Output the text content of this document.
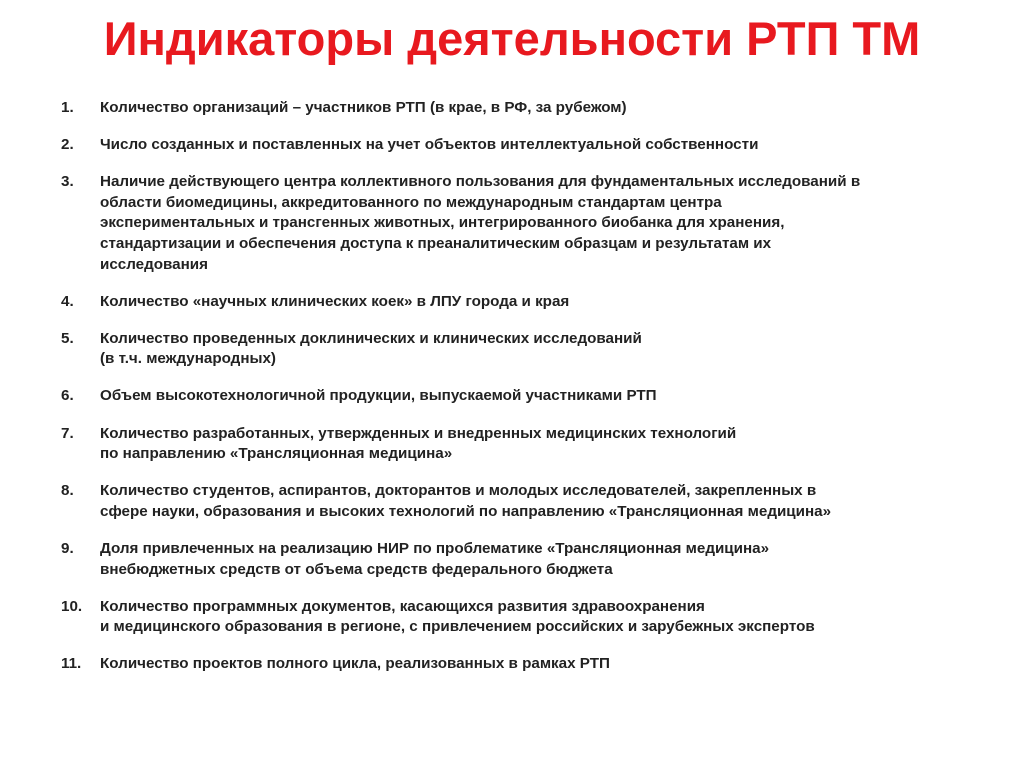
Индикаторы деятельности РТП ТМ
1.	Количество организаций – участников РТП (в крае, в РФ, за рубежом)
2.	Число созданных и поставленных на учет объектов интеллектуальной собственности
3.	Наличие действующего центра коллективного пользования для фундаментальных исследований в
области биомедицины, аккредитованного по международным стандартам центра
экспериментальных и трансгенных животных, интегрированного биобанка для хранения,
стандартизации и обеспечения доступа к преаналитическим образцам и результатам их
исследования
4.	Количество «научных клинических коек» в ЛПУ города и края
5.	Количество проведенных доклинических и клинических исследований
(в т.ч. международных)
6.	Объем высокотехнологичной продукции, выпускаемой участниками РТП
7.	Количество разработанных, утвержденных и внедренных медицинских технологий
по направлению «Трансляционная медицина»
8.	Количество студентов, аспирантов, докторантов и молодых исследователей, закрепленных в
сфере науки, образования и высоких технологий по направлению «Трансляционная медицина»
9.	Доля привлеченных на реализацию НИР по проблематике «Трансляционная медицина»
внебюджетных средств от объема средств федерального бюджета
10.	Количество программных документов, касающихся развития здравоохранения
и медицинского образования в регионе, с привлечением российских и зарубежных экспертов
11.	Количество проектов полного цикла, реализованных в рамках РТП
